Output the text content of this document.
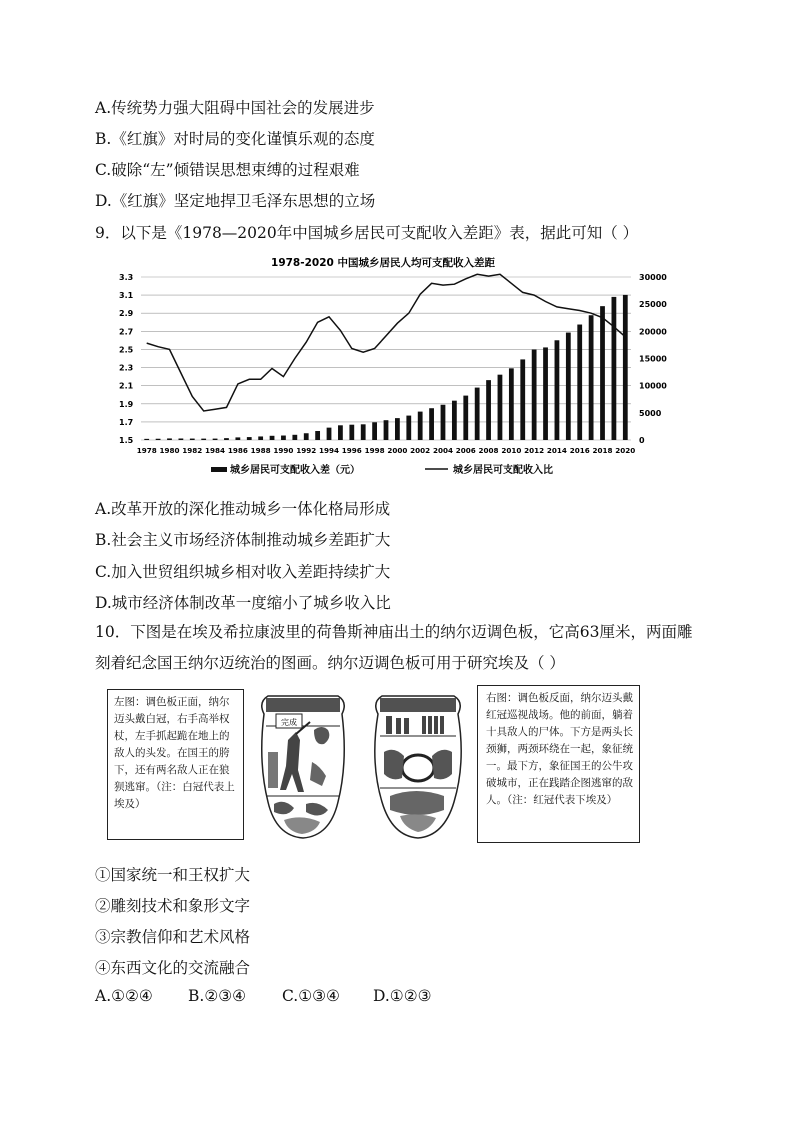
A.传统势力强大阻碍中国社会的发展进步
B.《红旗》对时局的变化谨慎乐观的态度
C.破除“左”倾错误思想束缚的过程艰难
D.《红旗》坚定地捍卫毛泽东思想的立场
9．以下是《1978—2020年中国城乡居民可支配收入差距》表，据此可知（ ）
1978-2020 中国城乡居民人均可支配收入差距
1.5
1.7
1.9
2.1
2.3
2.5
2.7
2.9
3.1
3.3
0
5000
10000
15000
20000
25000
30000
1978 1980 1982 1984 1986 1988 1990 1992 1994 1996 1998 2000 2002 2004 2006 2008 2010 2012 2014 2016 2018 2020
城乡居民可支配收入差（元）	城乡居民可支配收入比
A.改革开放的深化推动城乡一体化格局形成
B.社会主义市场经济体制推动城乡差距扩大
C.加入世贸组织城乡相对收入差距持续扩大
D.城市经济体制改革一度缩小了城乡收入比
10．下图是在埃及希拉康波里的荷鲁斯神庙出土的纳尔迈调色板，它高63厘米，两面雕刻着纪念国王纳尔迈统治的图画。纳尔迈调色板可用于研究埃及（ ）
左图：调色板正面，纳尔迈头戴白冠，右手高举权杖，左手抓起跪在地上的敌人的头发。在国王的胯下，还有两名敌人正在狼狈逃窜。（注：白冠代表上埃及）
完成
右图：调色板反面，纳尔迈头戴红冠巡视战场。他的前面，躺着十具敌人的尸体。下方是两头长颈狮，两颈环绕在一起，象征统一。最下方，象征国王的公牛攻破城市，正在践踏企图逃窜的敌人。（注：红冠代表下埃及）
①国家统一和王权扩大
②雕刻技术和象形文字
③宗教信仰和艺术风格
④东西文化的交流融合
A.①②④ B.②③④ C.①③④ D.①②③
